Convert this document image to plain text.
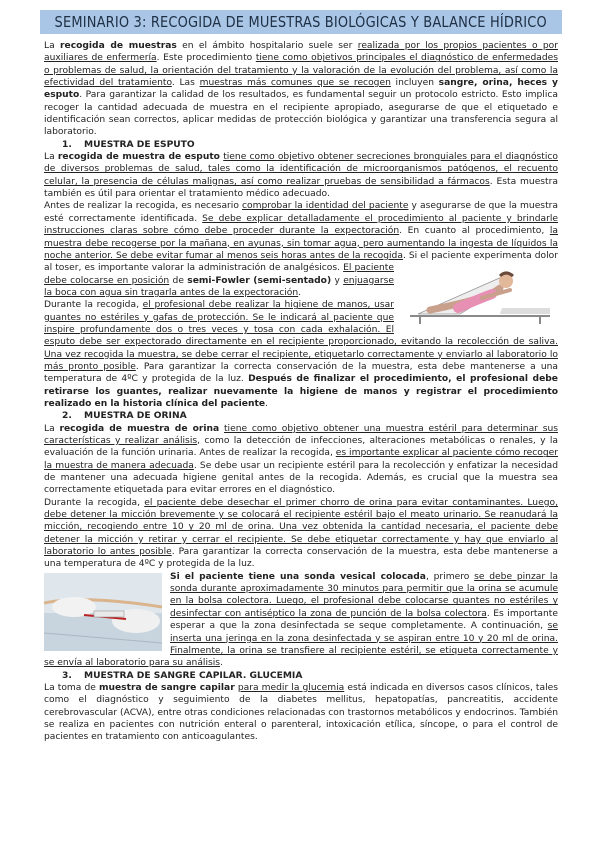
SEMINARIO 3: RECOGIDA DE MUESTRAS BIOLÓGICAS Y BALANCE HÍDRICO

La recogida de muestras en el ámbito hospitalario suele ser realizada por los propios pacientes o por auxiliares de enfermería. Este procedimiento tiene como objetivos principales el diagnóstico de enfermedades o problemas de salud, la orientación del tratamiento y la valoración de la evolución del problema, así como la efectividad del tratamiento. Las muestras más comunes que se recogen incluyen sangre, orina, heces y esputo. Para garantizar la calidad de los resultados, es fundamental seguir un protocolo estricto. Esto implica recoger la cantidad adecuada de muestra en el recipiente apropiado, asegurarse de que el etiquetado e identificación sean correctos, aplicar medidas de protección biológica y garantizar una transferencia segura al laboratorio.

1. MUESTRA DE ESPUTO

La recogida de muestra de esputo tiene como objetivo obtener secreciones bronquiales para el diagnóstico de diversos problemas de salud, tales como la identificación de microorganismos patógenos, el recuento celular, la presencia de células malignas, así como realizar pruebas de sensibilidad a fármacos. Esta muestra también es útil para orientar el tratamiento médico adecuado.

Antes de realizar la recogida, es necesario comprobar la identidad del paciente y asegurarse de que la muestra esté correctamente identificada. Se debe explicar detalladamente el procedimiento al paciente y brindarle instrucciones claras sobre cómo debe proceder durante la expectoración. En cuanto al procedimiento, la muestra debe recogerse por la mañana, en ayunas, sin tomar agua, pero aumentando la ingesta de líquidos la noche anterior. Se debe evitar fumar al menos seis horas antes de la recogida
. Si el paciente experimenta dolor al toser, es importante valorar la administración de analgésicos. El paciente debe colocarse en posición de semi-Fowler (semi-sentado) y enjuagarse la boca con agua sin tragarla antes de la expectoración.

Durante la recogida, el profesional debe realizar la higiene de manos, usar guantes no estériles y gafas de protección. Se le indicará al paciente que inspire profundamente dos o tres veces y tosa con cada exhalación. El esputo debe ser expectorado directamente en el recipiente proporcionado, evitando la recolección de saliva. Una vez recogida la muestra, se debe cerrar el recipiente, etiquetarlo correctamente y enviarlo al laboratorio lo más pronto posible. Para garantizar la correcta conservación de la muestra, esta debe mantenerse a una temperatura de 4ºC y protegida de la luz. Después de finalizar el procedimiento, el profesional debe retirarse los guantes, realizar nuevamente la higiene de manos y registrar el procedimiento realizado en la historia clínica del paciente.

2. MUESTRA DE ORINA

La recogida de muestra de orina tiene como objetivo obtener una muestra estéril para determinar sus características y realizar análisis, como la detección de infecciones, alteraciones metabólicas o renales, y la evaluación de la función urinaria. Antes de realizar la recogida, es importante explicar al paciente cómo recoger la muestra de manera adecuada. Se debe usar un recipiente estéril para la recolección y enfatizar la necesidad de mantener una adecuada higiene genital antes de la recogida. Además, es crucial que la muestra sea correctamente etiquetada para evitar errores en el diagnóstico.

Durante la recogida, el paciente debe desechar el primer chorro de orina para evitar contaminantes. Luego, debe detener la micción brevemente y se colocará el recipiente estéril bajo el meato urinario. Se reanudará la micción, recogiendo entre 10 y 20 ml de orina. Una vez obtenida la cantidad necesaria, el paciente debe detener la micción y retirar y cerrar el recipiente. Se debe etiquetar correctamente y hay que enviarlo al laboratorio lo antes posible. Para garantizar la correcta conservación de la muestra, esta debe mantenerse a una temperatura de 4ºC y protegida de la luz.

Si el paciente tiene una sonda vesical colocada, primero
se debe pinzar la sonda durante aproximadamente 30 minutos para permitir que la orina se acumule en la bolsa colectora. Luego, el profesional debe colocarse guantes no estériles y desinfectar con antiséptico la zona de punción de la bolsa colectora. Es importante esperar a que la zona desinfectada se seque completamente. A continuación, se inserta una jeringa en la zona desinfectada y se aspiran entre 10 y 20 ml de orina. Finalmente, la orina se transfiere al recipiente estéril, se etiqueta correctamente y se envía al laboratorio para su análisis.

3. MUESTRA DE SANGRE CAPILAR. GLUCEMIA

La toma de muestra de sangre capilar para medir la glucemia está indicada en diversos casos clínicos, tales como el diagnóstico y seguimiento de la diabetes mellitus, hepatopatías, pancreatitis, accidente cerebrovascular (ACVA), entre otras condiciones relacionadas con trastornos metabólicos y endocrinos. También se realiza en pacientes con nutrición enteral o parenteral, intoxicación etílica, síncope, o para el control de pacientes en tratamiento con anticoagulantes.
